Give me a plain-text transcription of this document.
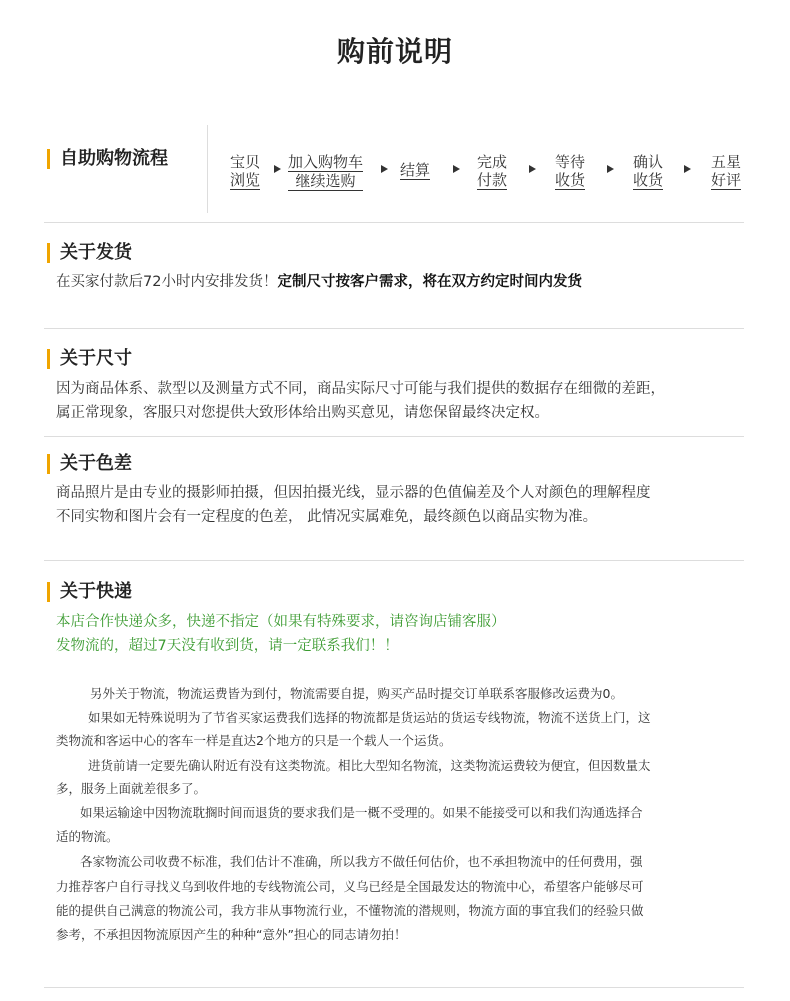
购前说明
自助购物流程	宝贝
浏览
加入购物车
继续选购
结算	完成
付款
等待
收货
确认
收货
五星
好评
关于发货
在买家付款后72小时内安排发货！定制尺寸按客户需求，将在双方约定时间内发货
关于尺寸
因为商品体系、款型以及测量方式不同，商品实际尺寸可能与我们提供的数据存在细微的差距，
属正常现象，客服只对您提供大致形体给出购买意见，请您保留最终决定权。
关于色差
商品照片是由专业的摄影师拍摄，但因拍摄光线，显示器的色值偏差及个人对颜色的理解程度
不同实物和图片会有一定程度的色差， 此情况实属难免，最终颜色以商品实物为准。
关于快递
本店合作快递众多，快递不指定（如果有特殊要求，请咨询店铺客服）
发物流的，超过7天没有收到货，请一定联系我们！！
另外关于物流，物流运费皆为到付，物流需要自提，购买产品时提交订单联系客服修改运费为0。
如果如无特殊说明为了节省买家运费我们选择的物流都是货运站的货运专线物流，物流不送货上门，这
类物流和客运中心的客车一样是直达2个地方的只是一个载人一个运货。
进货前请一定要先确认附近有没有这类物流。相比大型知名物流，这类物流运费较为便宜，但因数量太
多，服务上面就差很多了。
如果运输途中因物流耽搁时间而退货的要求我们是一概不受理的。如果不能接受可以和我们沟通选择合
适的物流。
各家物流公司收费不标准，我们估计不准确，所以我方不做任何估价，也不承担物流中的任何费用，强
力推荐客户自行寻找义乌到收件地的专线物流公司，义乌已经是全国最发达的物流中心，希望客户能够尽可
能的提供自己满意的物流公司，我方非从事物流行业，不懂物流的潜规则，物流方面的事宜我们的经验只做
参考，不承担因物流原因产生的种种“意外”担心的同志请勿拍！
